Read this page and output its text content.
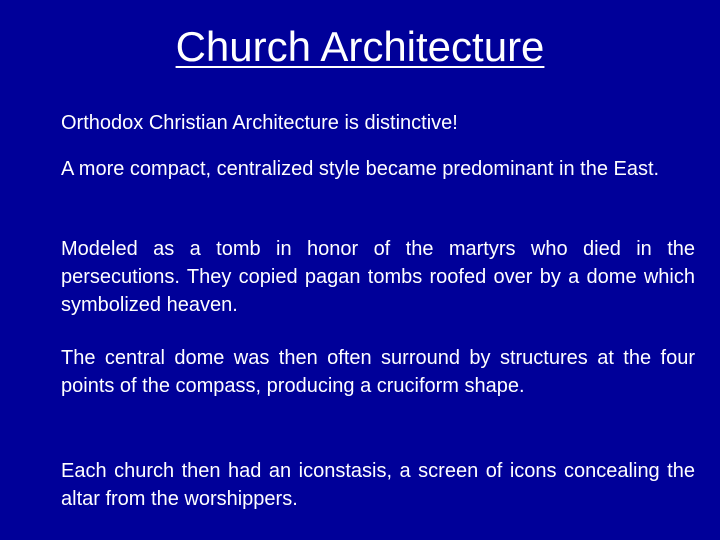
Church Architecture

Orthodox Christian Architecture is distinctive!

A more compact, centralized style became predominant in the East.

Modeled as a tomb in honor of the martyrs who died in the persecutions. They copied pagan tombs roofed over by a dome which symbolized heaven.

The central dome was then often surround by structures at the four points of the compass, producing a cruciform shape.

Each church then had an iconstasis, a screen of icons concealing the altar from the worshippers.
